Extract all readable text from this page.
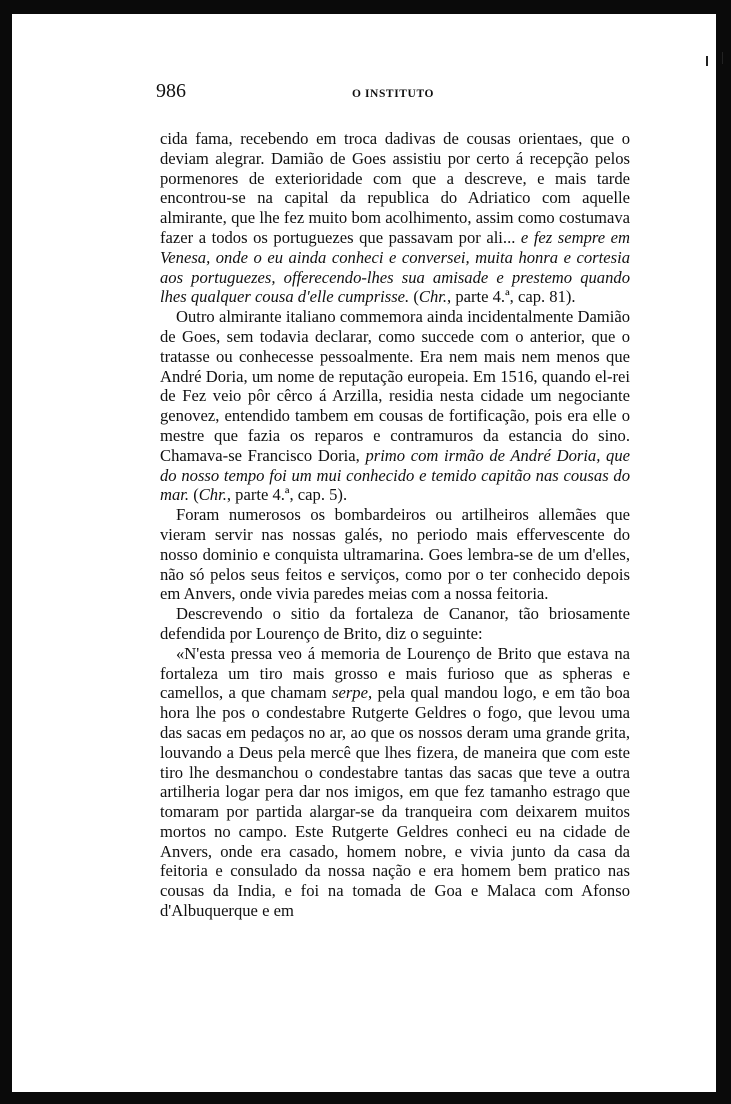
986	O INSTITUTO

cida fama, recebendo em troca dadivas de cousas orientaes, que o deviam alegrar. Damião de Goes assistiu por certo á recepção pelos pormenores de exterioridade com que a descreve, e mais tarde encontrou-se na capital da republica do Adriatico com aquelle almirante, que lhe fez muito bom acolhimento, assim como costumava fazer a todos os portuguezes que passavam por ali... e fez sempre em Venesa, onde o eu ainda conheci e conversei, muita honra e cortesia aos portuguezes, offerecendo-lhes sua amisade e prestemo quando lhes qualquer cousa d'elle cumprisse. (Chr., parte 4.ª, cap. 81).

Outro almirante italiano commemora ainda incidentalmente Damião de Goes, sem todavia declarar, como succede com o anterior, que o tratasse ou conhecesse pessoalmente. Era nem mais nem menos que André Doria, um nome de reputação europeia. Em 1516, quando el-rei de Fez veio pôr cêrco á Arzilla, residia nesta cidade um negociante genovez, entendido tambem em cousas de fortificação, pois era elle o mestre que fazia os reparos e contramuros da estancia do sino. Chamava-se Francisco Doria, primo com irmão de André Doria, que do nosso tempo foi um mui conhecido e temido capitão nas cousas do mar. (Chr., parte 4.ª, cap. 5).

Foram numerosos os bombardeiros ou artilheiros allemães que vieram servir nas nossas galés, no periodo mais effervescente do nosso dominio e conquista ultramarina. Goes lembra-se de um d'elles, não só pelos seus feitos e serviços, como por o ter conhecido depois em Anvers, onde vivia paredes meias com a nossa feitoria.

Descrevendo o sitio da fortaleza de Cananor, tão briosamente defendida por Lourenço de Brito, diz o seguinte:

«N'esta pressa veo á memoria de Lourenço de Brito que estava na fortaleza um tiro mais grosso e mais furioso que as spheras e camellos, a que chamam serpe, pela qual mandou logo, e em tão boa hora lhe pos o condestabre Rutgerte Geldres o fogo, que levou uma das sacas em pedaços no ar, ao que os nossos deram uma grande grita, louvando a Deus pela mercê que lhes fizera, de maneira que com este tiro lhe desmanchou o condestabre tantas das sacas que teve a outra artilheria logar pera dar nos imigos, em que fez tamanho estrago que tomaram por partida alargar-se da tranqueira com deixarem muitos mortos no campo. Este Rutgerte Geldres conheci eu na cidade de Anvers, onde era casado, homem nobre, e vivia junto da casa da feitoria e consulado da nossa nação e era homem bem pratico nas cousas da India, e foi na tomada de Goa e Malaca com Afonso d'Albuquerque e em
